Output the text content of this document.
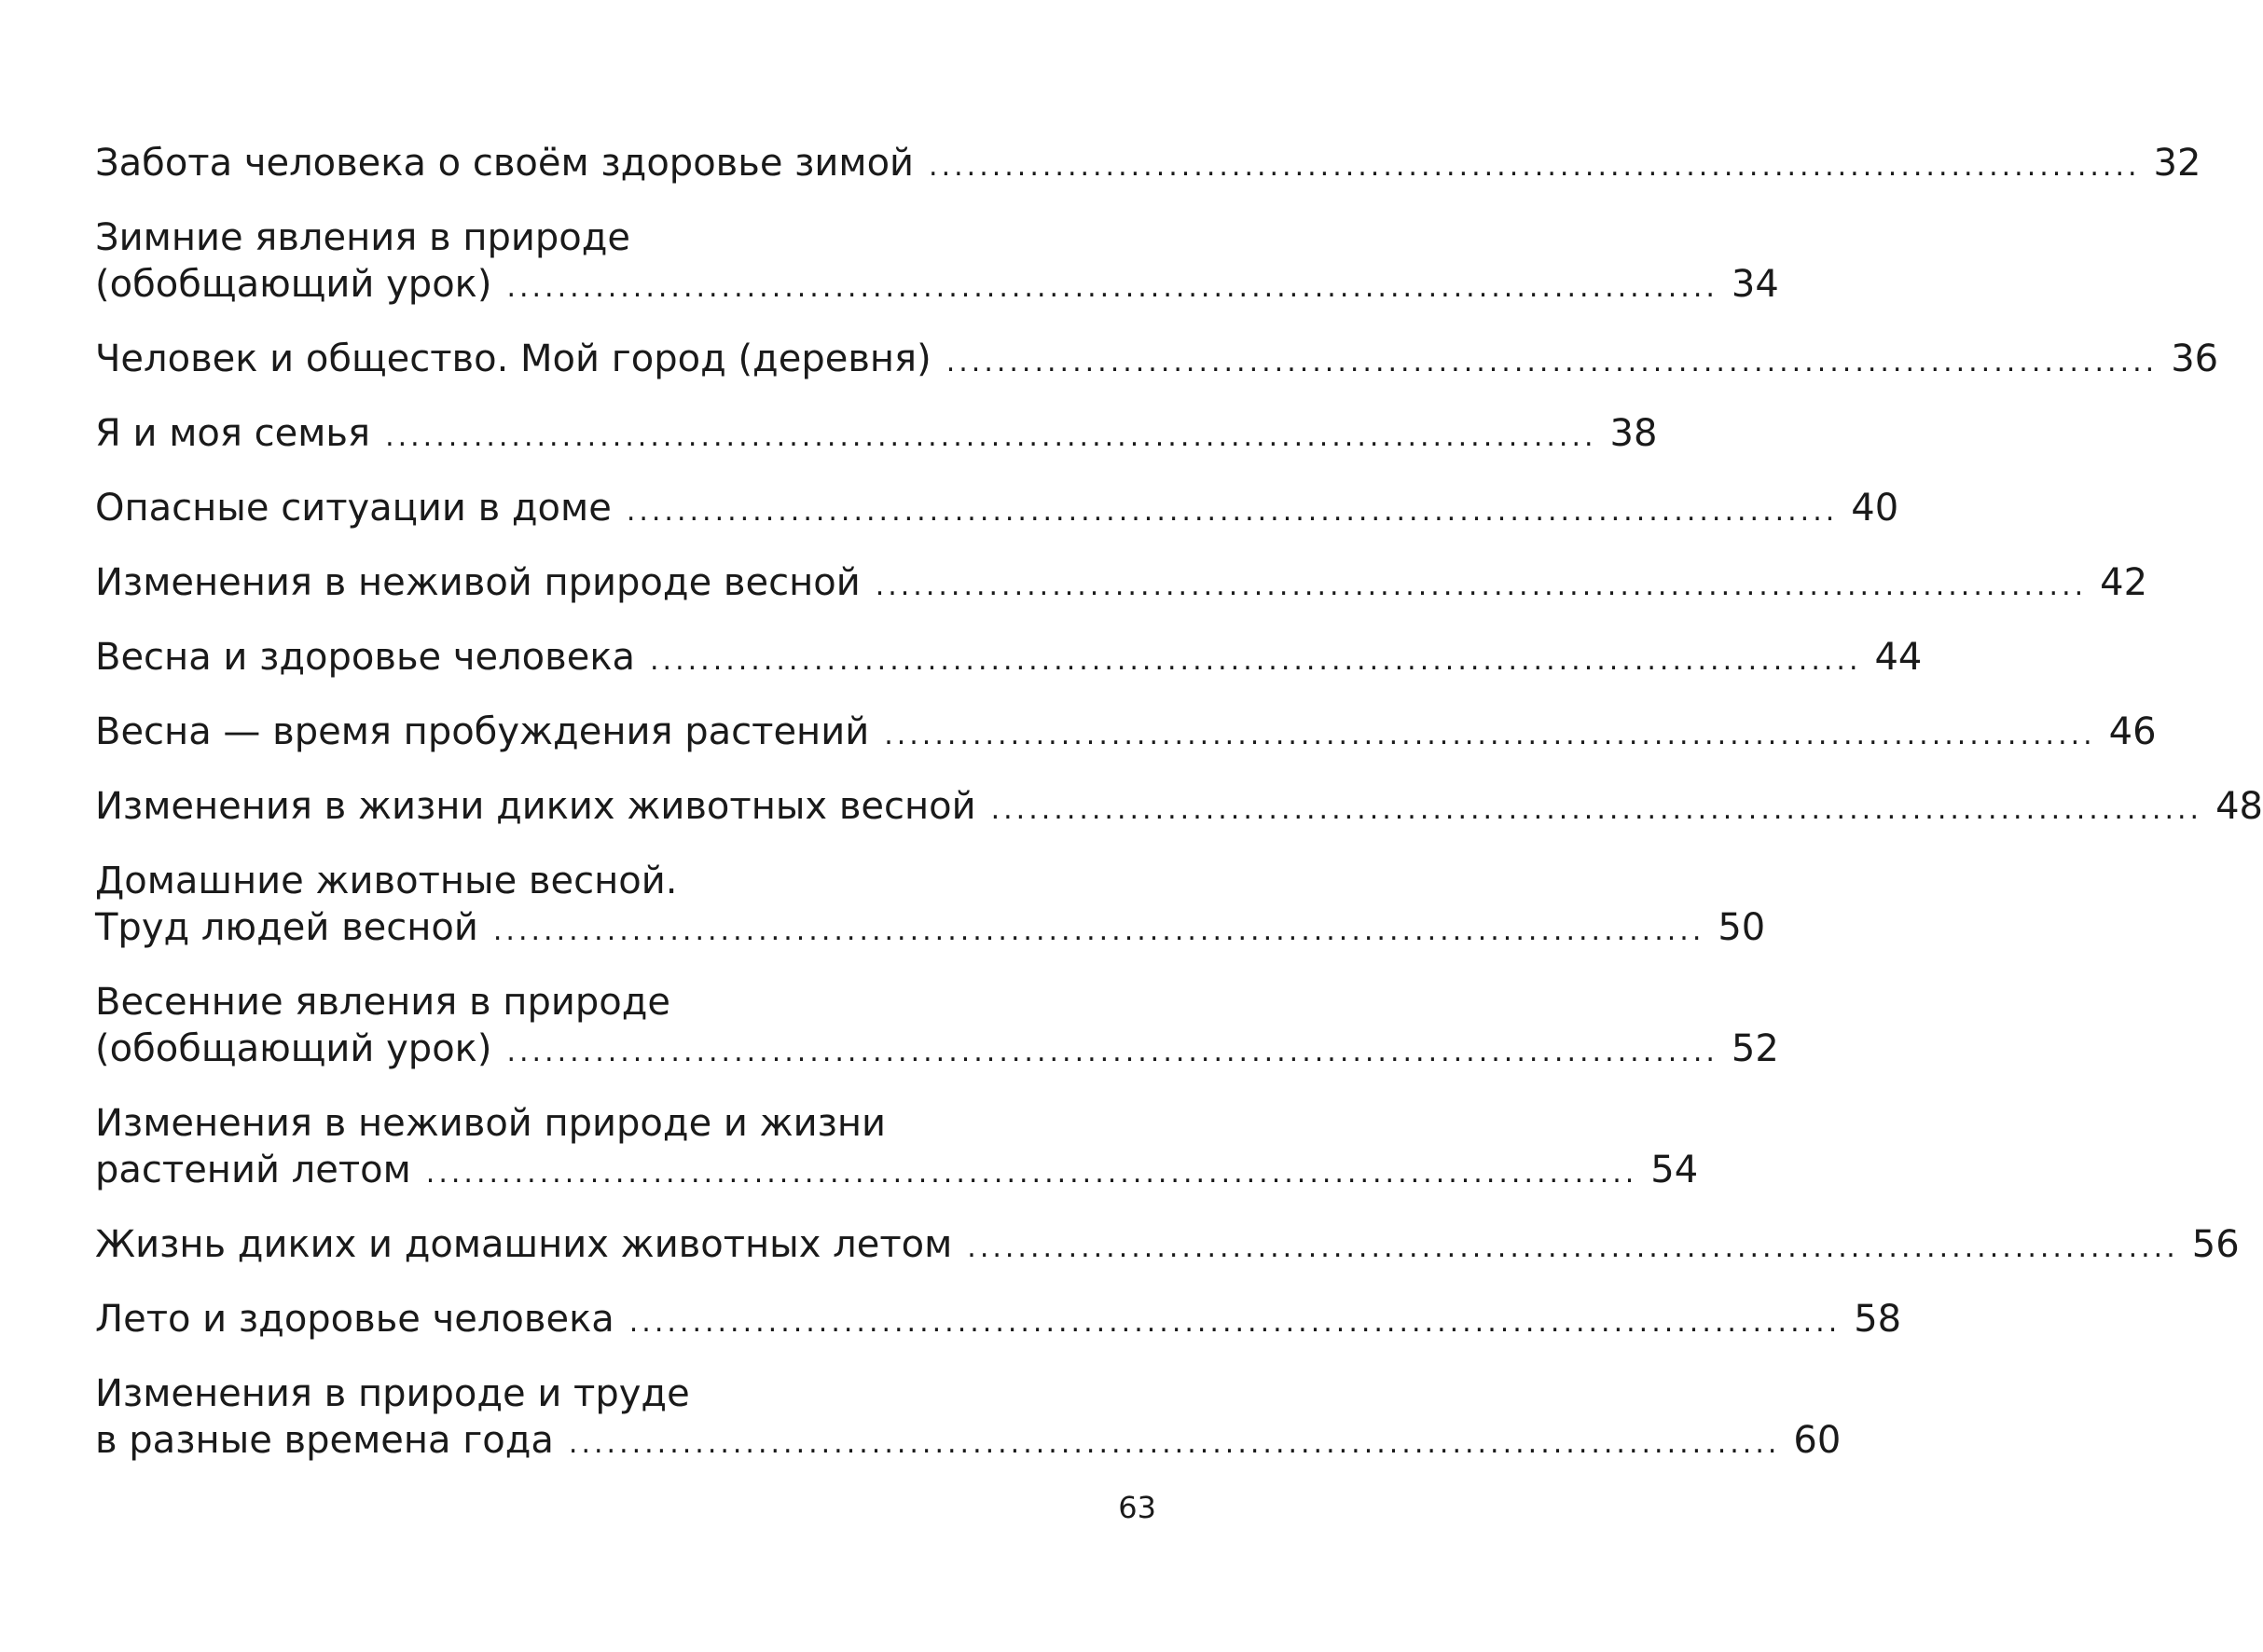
Забота человека о своём здоровье зимой ................................................................................................ 32
Зимние явления в природе
(обобщающий урок) ................................................................................................ 34
Человек и общество. Мой город (деревня) ................................................................................................ 36
Я и моя семья ................................................................................................ 38
Опасные ситуации в доме ................................................................................................ 40
Изменения в неживой природе весной ................................................................................................ 42
Весна и здоровье человека ................................................................................................ 44
Весна — время пробуждения растений ................................................................................................ 46
Изменения в жизни диких животных весной ................................................................................................ 48
Домашние животные весной.
Труд людей весной ................................................................................................ 50
Весенние явления в природе
(обобщающий урок) ................................................................................................ 52
Изменения в неживой природе и жизни
растений летом ................................................................................................ 54
Жизнь диких и домашних животных летом ................................................................................................ 56
Лето и здоровье человека ................................................................................................ 58
Изменения в природе и труде
в разные времена года ................................................................................................ 60
63
